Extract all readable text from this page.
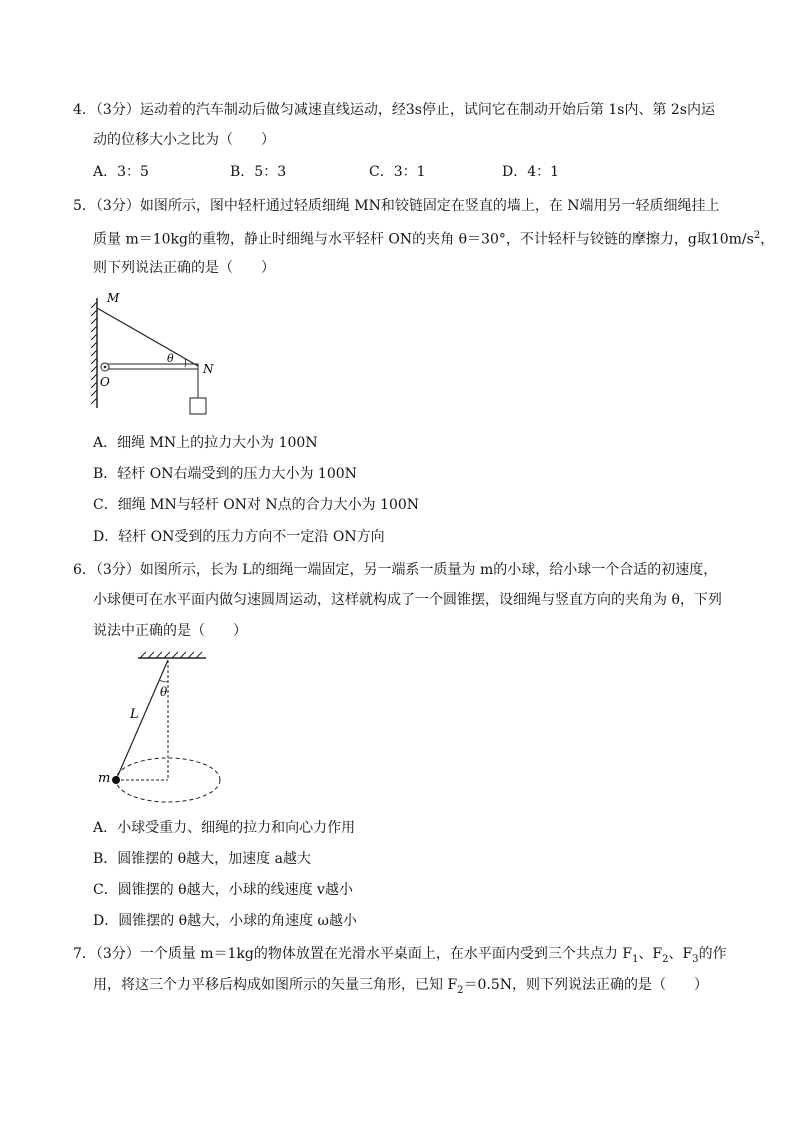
4．（3分）运动着的汽车制动后做匀减速直线运动，经3s停止，试问它在制动开始后第 1s内、第 2s内运
动的位移大小之比为（　　）
A．3：5	B．5：3	C．3：1	D．4：1
5．（3分）如图所示，图中轻杆通过轻质细绳 MN和铰链固定在竖直的墙上，在 N端用另一轻质细绳挂上
质量 m＝10kg的重物，静止时细绳与水平轻杆 ON的夹角 θ＝30°，不计轻杆与铰链的摩擦力，g取$10m/s^2$，
则下列说法正确的是（　　）
M
N
O
θ
A．细绳 MN上的拉力大小为 100N
B．轻杆 ON右端受到的压力大小为 100N
C．细绳 MN与轻杆 ON对 N点的合力大小为 100N
D．轻杆 ON受到的压力方向不一定沿 ON方向
6．（3分）如图所示，长为 L的细绳一端固定，另一端系一质量为 m的小球，给小球一个合适的初速度，
小球便可在水平面内做匀速圆周运动，这样就构成了一个圆锥摆，设细绳与竖直方向的夹角为 θ，下列
说法中正确的是（　　）
θ
L
m
A．小球受重力、细绳的拉力和向心力作用
B．圆锥摆的 θ越大，加速度 a越大
C．圆锥摆的 θ越大，小球的线速度 v越小
D．圆锥摆的 θ越大，小球的角速度 ω越小
7．（3分）一个质量 m＝1kg的物体放置在光滑水平桌面上，在水平面内受到三个共点力 $F_1$、$F_2$、$F_3$的作
用，将这三个力平移后构成如图所示的矢量三角形，已知 $F_2=0.5N$，则下列说法正确的是（　　）
